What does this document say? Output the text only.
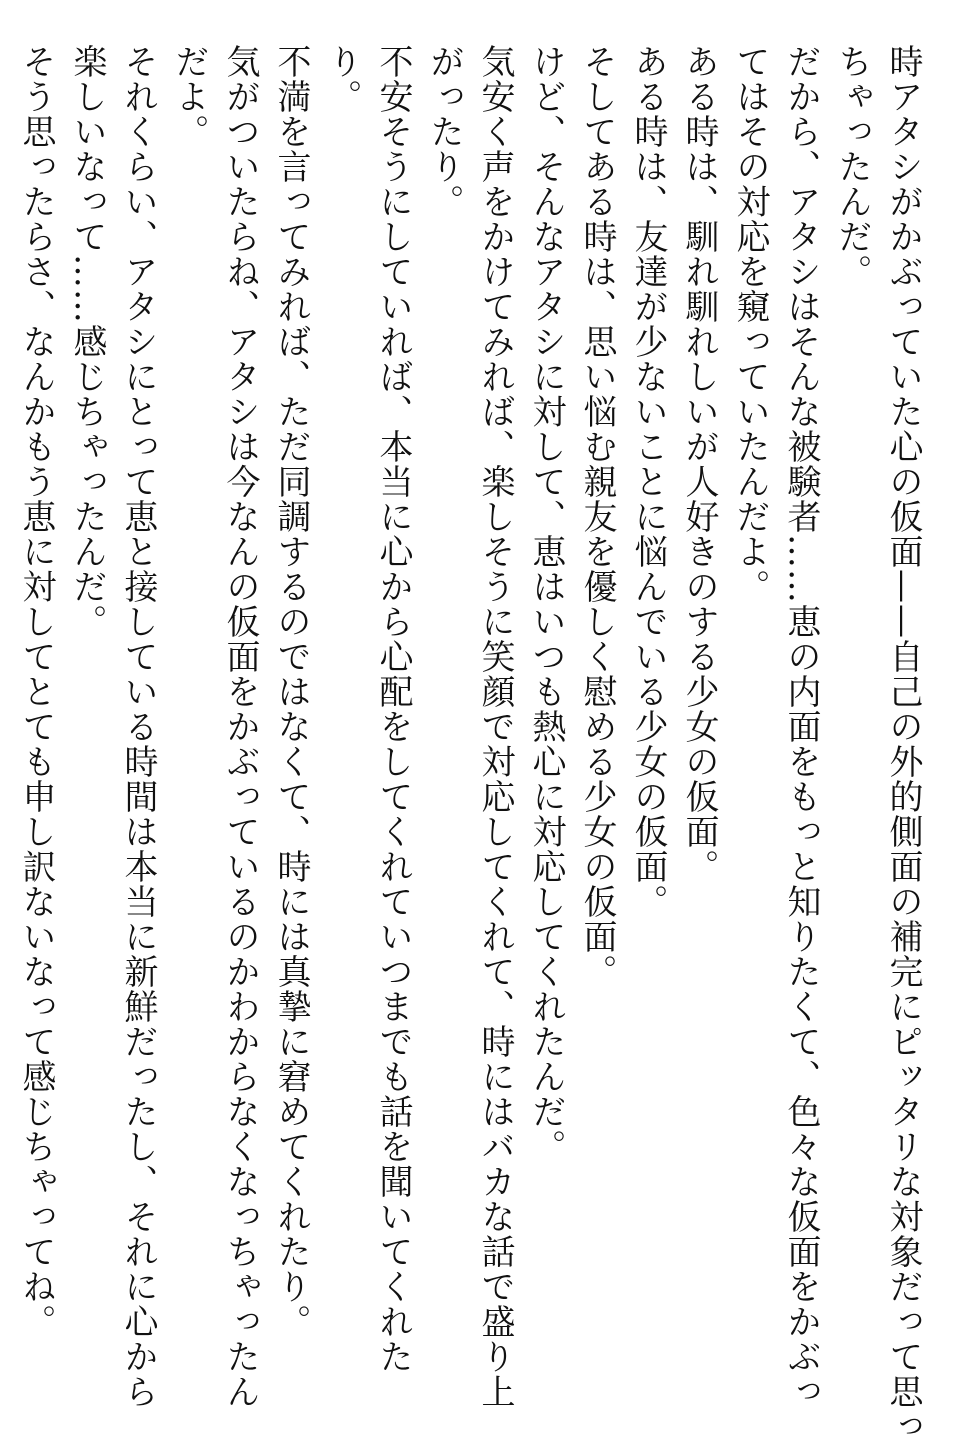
時アタシがかぶっていた心の仮面——自己の外的側面の補完にピッタリな対象だって思っ
ちゃったんだ。
だから、アタシはそんな被験者……恵の内面をもっと知りたくて、色々な仮面をかぶっ
てはその対応を窺っていたんだよ。
ある時は、馴れ馴れしいが人好きのする少女の仮面。
ある時は、友達が少ないことに悩んでいる少女の仮面。
そしてある時は、思い悩む親友を優しく慰める少女の仮面。
けど、そんなアタシに対して、恵はいつも熱心に対応してくれたんだ。
気安く声をかけてみれば、楽しそうに笑顔で対応してくれて、時にはバカな話で盛り上
がったり。
不安そうにしていれば、本当に心から心配をしてくれていつまでも話を聞いてくれた
り。
不満を言ってみれば、ただ同調するのではなくて、時には真摯に窘めてくれたり。
気がついたらね、アタシは今なんの仮面をかぶっているのかわからなくなっちゃったん
だよ。
それくらい、アタシにとって恵と接している時間は本当に新鮮だったし、それに心から
楽しいなって……感じちゃったんだ。
そう思ったらさ、なんかもう恵に対してとても申し訳ないなって感じちゃってね。
